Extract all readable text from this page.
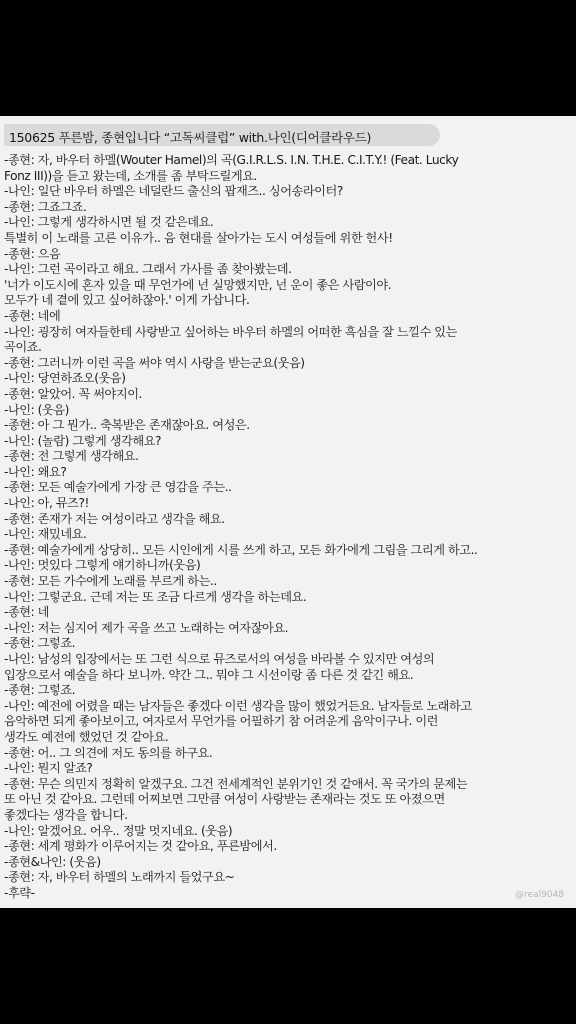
150625 푸른밤, 종현입니다 “고독씨클럽” with.나인(디어클라우드)
-종현: 자, 바우터 하멜(Wouter Hamel)의 곡(G.I.R.L.S. I.N. T.H.E. C.I.T.Y.! (Feat. Lucky
Fonz III))을 듣고 왔는데, 소개를 좀 부탁드릴게요.
-나인: 일단 바우터 하멜은 네덜란드 출신의 팝재즈.. 싱어송라이터?
-종현: 그죠그죠.
-나인: 그렇게 생각하시면 될 것 같은데요.
특별히 이 노래를 고른 이유가.. 음 현대를 살아가는 도시 여성들에 위한 헌사!
-종현: 으음
-나인: 그런 곡이라고 해요. 그래서 가사를 좀 찾아봤는데.
'너가 이도시에 혼자 있을 때 무언가에 넌 실망했지만, 넌 운이 좋은 사람이야.
모두가 네 곁에 있고 싶어하잖아.' 이게 가삽니다.
-종현: 네에
-나인: 굉장히 여자들한테 사랑받고 싶어하는 바우터 하멜의 어떠한 흑심을 잘 느낄수 있는
곡이죠.
-종현: 그러니까 이런 곡을 써야 역시 사랑을 받는군요(웃음)
-나인: 당연하죠오(웃음)
-종현: 알았어. 꼭 써야지이.
-나인: (웃음)
-종현: 아 그 뭔가.. 축복받은 존재잖아요. 여성은.
-나인: (놀람) 그렇게 생각해요?
-종현: 전 그렇게 생각해요.
-나인: 왜요?
-종현: 모든 예술가에게 가장 큰 영감을 주는..
-나인: 아, 뮤즈?!
-종현: 존재가 저는 여성이라고 생각을 해요.
-나인: 재밌네요.
-종현: 예술가에게 상당히.. 모든 시인에게 시를 쓰게 하고, 모든 화가에게 그림을 그리게 하고..
-나인: 멋있다 그렇게 얘기하니까(웃음)
-종현: 모든 가수에게 노래를 부르게 하는..
-나인: 그렇군요. 근데 저는 또 조금 다르게 생각을 하는데요.
-종현: 네
-나인: 저는 심지어 제가 곡을 쓰고 노래하는 여자잖아요.
-종현: 그렇죠.
-나인: 남성의 입장에서는 또 그런 식으로 뮤즈로서의 여성을 바라볼 수 있지만 여성의
입장으로서 예술을 하다 보니까. 약간 그.. 뭐야 그 시선이랑 좀 다른 것 같긴 해요.
-종현: 그렇죠.
-나인: 예전에 어렸을 때는 남자들은 좋겠다 이런 생각을 많이 했었거든요. 남자들로 노래하고
음악하면 되게 좋아보이고, 여자로서 무언가를 어필하기 참 어려운게 음악이구나. 이런
생각도 예전에 했었던 것 같아요.
-종현: 어.. 그 의견에 저도 동의를 하구요.
-나인: 뭔지 알죠?
-종현: 무슨 의민지 정확히 알겠구요. 그건 전세계적인 분위기인 것 같애서. 꼭 국가의 문제는
또 아닌 것 같아요. 그런데 어찌보면 그만큼 여성이 사랑받는 존재라는 것도 또 아졌으면
좋겠다는 생각을 합니다.
-나인: 알겠어요. 어우.. 정말 멋지네요. (웃음)
-종현: 세계 평화가 이루어지는 것 같아요, 푸른밤에서.
-종현&나인: (웃음)
-종현: 자, 바우터 하멜의 노래까지 들었구요~
-후략-	@real9048
